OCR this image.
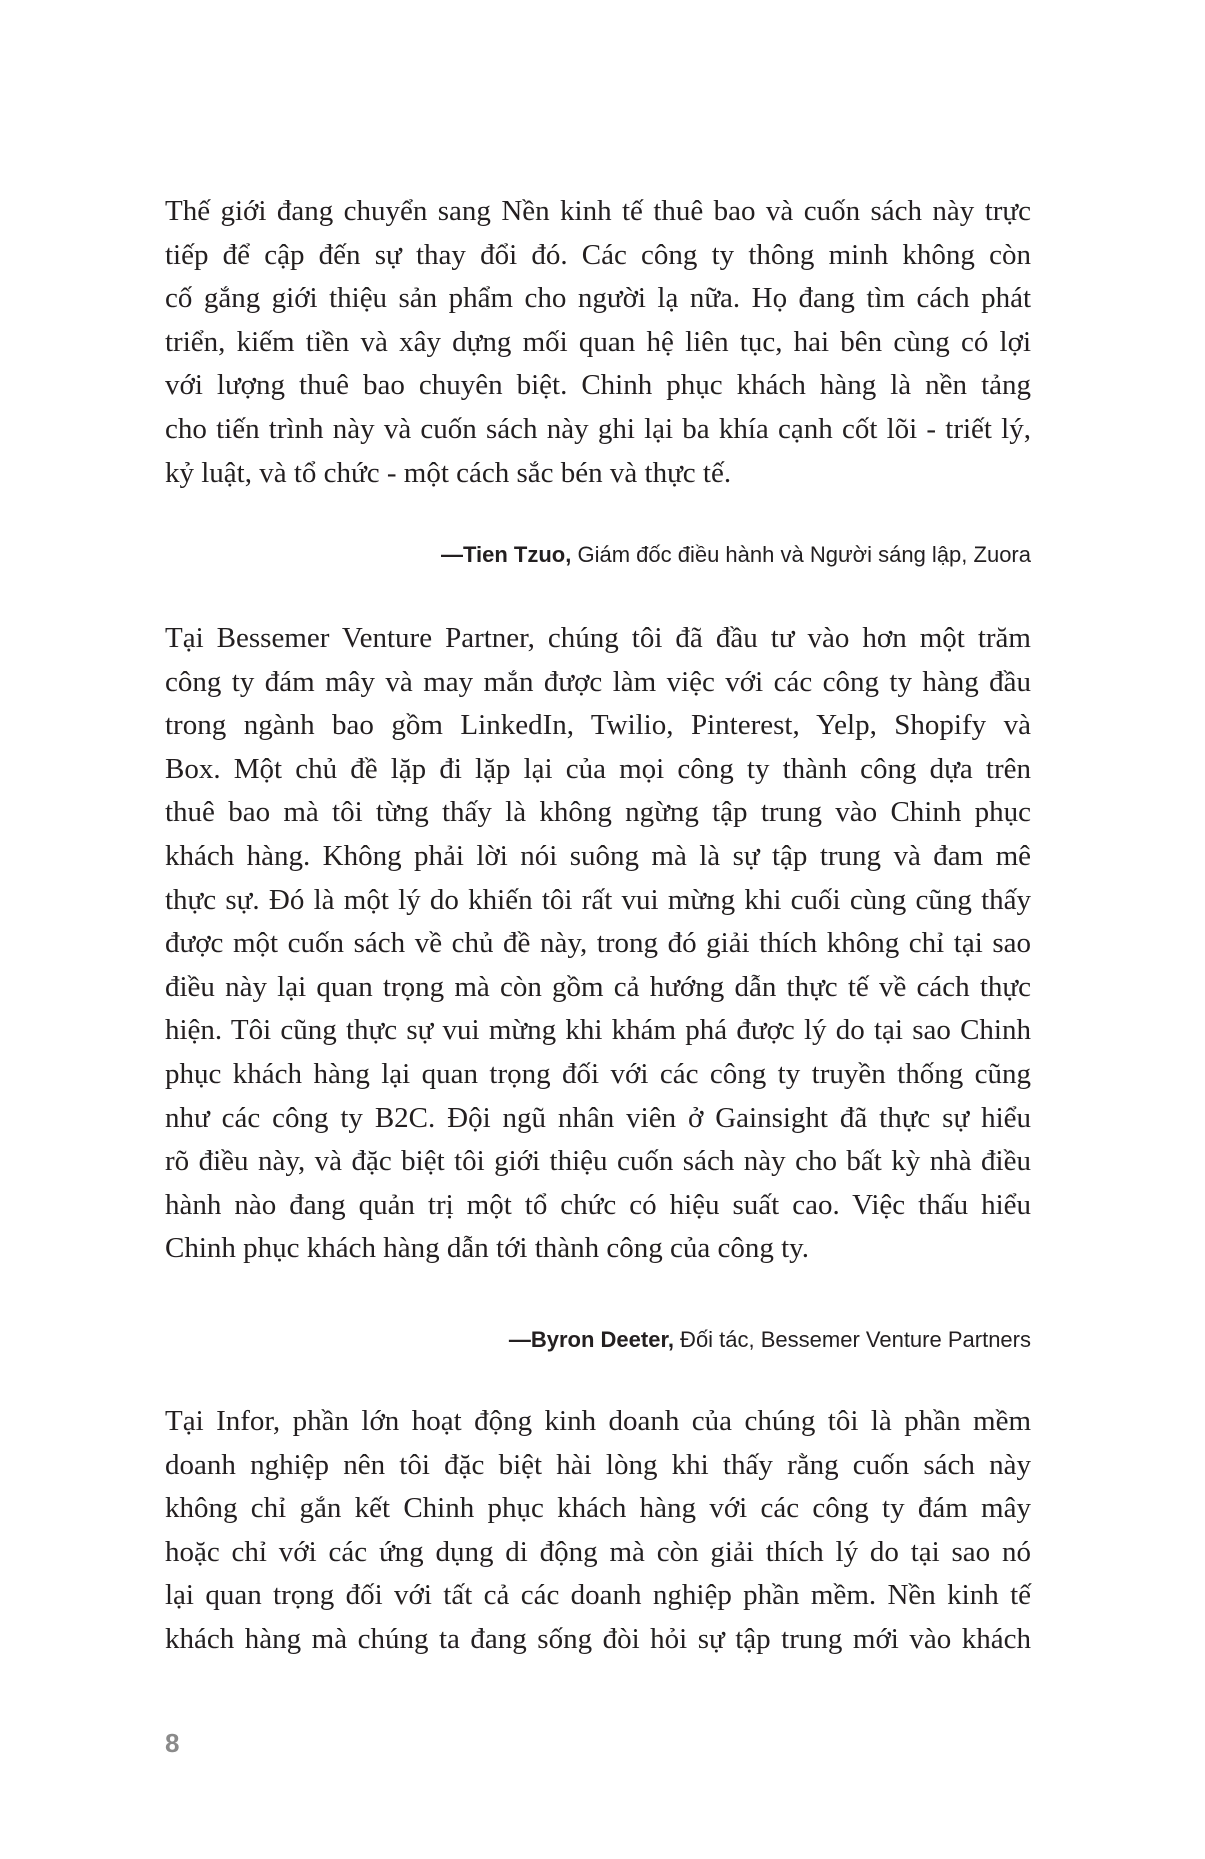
Thế giới đang chuyển sang Nền kinh tế thuê bao và cuốn sách này trực
tiếp để cập đến sự thay đổi đó. Các công ty thông minh không còn
cố gắng giới thiệu sản phẩm cho người lạ nữa. Họ đang tìm cách phát
triển, kiếm tiền và xây dựng mối quan hệ liên tục, hai bên cùng có lợi
với lượng thuê bao chuyên biệt. Chinh phục khách hàng là nền tảng
cho tiến trình này và cuốn sách này ghi lại ba khía cạnh cốt lõi - triết lý,
kỷ luật, và tổ chức - một cách sắc bén và thực tế.
—Tien Tzuo, Giám đốc điều hành và Người sáng lập, Zuora
Tại Bessemer Venture Partner, chúng tôi đã đầu tư vào hơn một trăm
công ty đám mây và may mắn được làm việc với các công ty hàng đầu
trong ngành bao gồm LinkedIn, Twilio, Pinterest, Yelp, Shopify và
Box. Một chủ đề lặp đi lặp lại của mọi công ty thành công dựa trên
thuê bao mà tôi từng thấy là không ngừng tập trung vào Chinh phục
khách hàng. Không phải lời nói suông mà là sự tập trung và đam mê
thực sự. Đó là một lý do khiến tôi rất vui mừng khi cuối cùng cũng thấy
được một cuốn sách về chủ đề này, trong đó giải thích không chỉ tại sao
điều này lại quan trọng mà còn gồm cả hướng dẫn thực tế về cách thực
hiện. Tôi cũng thực sự vui mừng khi khám phá được lý do tại sao Chinh
phục khách hàng lại quan trọng đối với các công ty truyền thống cũng
như các công ty B2C. Đội ngũ nhân viên ở Gainsight đã thực sự hiểu
rõ điều này, và đặc biệt tôi giới thiệu cuốn sách này cho bất kỳ nhà điều
hành nào đang quản trị một tổ chức có hiệu suất cao. Việc thấu hiểu
Chinh phục khách hàng dẫn tới thành công của công ty.
—Byron Deeter, Đối tác, Bessemer Venture Partners
Tại Infor, phần lớn hoạt động kinh doanh của chúng tôi là phần mềm
doanh nghiệp nên tôi đặc biệt hài lòng khi thấy rằng cuốn sách này
không chỉ gắn kết Chinh phục khách hàng với các công ty đám mây
hoặc chỉ với các ứng dụng di động mà còn giải thích lý do tại sao nó
lại quan trọng đối với tất cả các doanh nghiệp phần mềm. Nền kinh tế
khách hàng mà chúng ta đang sống đòi hỏi sự tập trung mới vào khách
8
